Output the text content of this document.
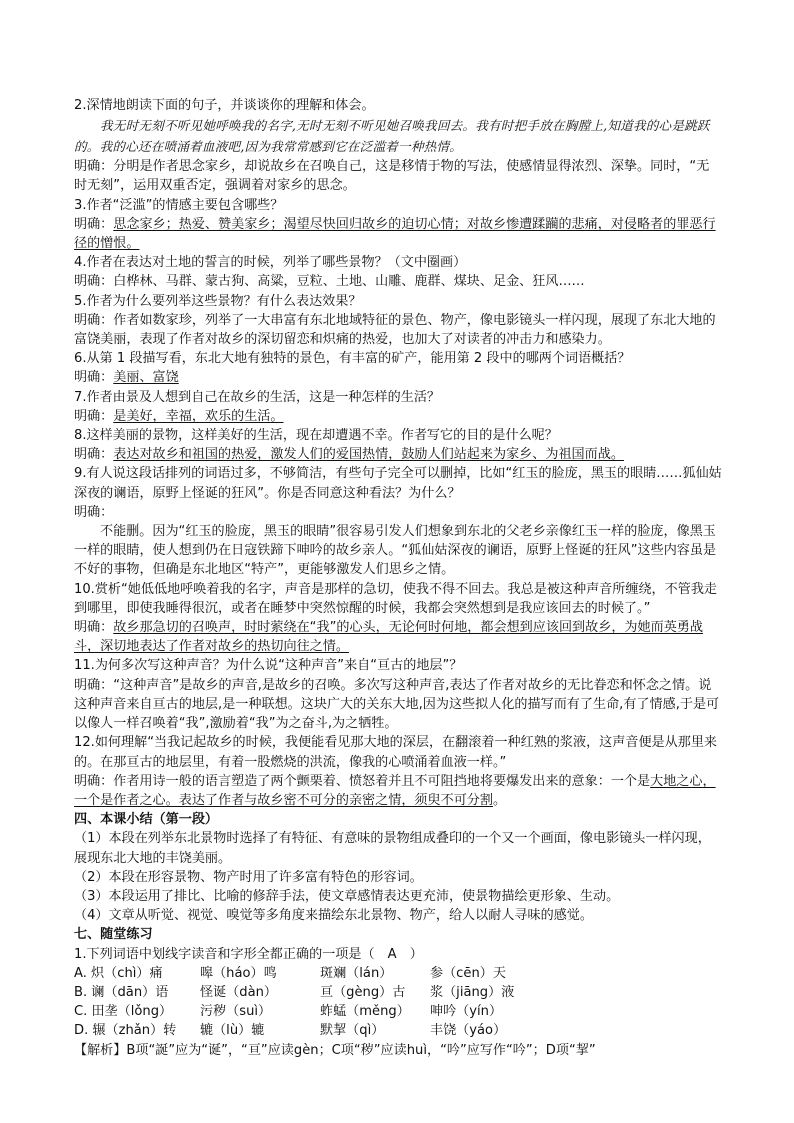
2.深情地朗读下面的句子，并谈谈你的理解和体会。

我无时无刻不听见她呼唤我的名字,无时无刻不听见她召唤我回去。我有时把手放在胸膛上,知道我的心是跳跃的。我的心还在喷涌着血液吧,因为我常常感到它在泛滥着一种热情。

明确：分明是作者思念家乡，却说故乡在召唤自己，这是移情于物的写法，使感情显得浓烈、深挚。同时，“无时无刻”，运用双重否定，强调着对家乡的思念。

3.作者“泛滥”的情感主要包含哪些？

明确：思念家乡；热爱、赞美家乡；渴望尽快回归故乡的迫切心情；对故乡惨遭蹂躏的悲痛，对侵略者的罪恶行径的憎恨。

4.作者在表达对土地的誓言的时候，列举了哪些景物？（文中圈画）

明确：白桦林、马群、蒙古狗、高粱，豆粒、土地、山雕、鹿群、煤块、足金、狂风……

5.作者为什么要列举这些景物？有什么表达效果？

明确：作者如数家珍，列举了一大串富有东北地域特征的景色、物产，像电影镜头一样闪现，展现了东北大地的富饶美丽，表现了作者对故乡的深切留恋和炽痛的热爱，也加大了对读者的冲击力和感染力。

6.从第 1 段描写看，东北大地有独特的景色，有丰富的矿产，能用第 2 段中的哪两个词语概括？

明确：美丽、富饶

7.作者由景及人想到自己在故乡的生活，这是一种怎样的生活？

明确：是美好，幸福，欢乐的生活。

8.这样美丽的景物，这样美好的生活，现在却遭遇不幸。作者写它的目的是什么呢？

明确：表达对故乡和祖国的热爱，激发人们的爱国热情，鼓励人们站起来为家乡、为祖国而战。

9.有人说这段话排列的词语过多，不够简洁，有些句子完全可以删掉，比如“红玉的脸庞，黑玉的眼睛……狐仙姑深夜的谰语，原野上怪诞的狂风”。你是否同意这种看法？为什么？

明确：

不能删。因为“红玉的脸庞，黑玉的眼睛”很容易引发人们想象到东北的父老乡亲像红玉一样的脸庞，像黑玉一样的眼睛，使人想到仍在日寇铁蹄下呻吟的故乡亲人。“狐仙姑深夜的谰语，原野上怪诞的狂风”这些内容虽是不好的事物，但确是东北地区“特产”，更能够激发人们思乡之情。

10.赏析“她低低地呼唤着我的名字，声音是那样的急切，使我不得不回去。我总是被这种声音所缠绕，不管我走到哪里，即使我睡得很沉，或者在睡梦中突然惊醒的时候，我都会突然想到是我应该回去的时候了。”

明确：故乡那急切的召唤声，时时萦绕在“我”的心头，无论何时何地，都会想到应该回到故乡，为她而英勇战斗，深切地表达了作者对故乡的热切向往之情。

11.为何多次写这种声音？为什么说“这种声音”来自“亘古的地层”？

明确：“这种声音”是故乡的声音,是故乡的召唤。多次写这种声音,表达了作者对故乡的无比眷恋和怀念之情。说这种声音来自亘古的地层,是一种联想。这块广大的关东大地,因为这些拟人化的描写而有了生命,有了情感,于是可以像人一样召唤着“我”,激励着“我”为之奋斗,为之牺牲。

12.如何理解“当我记起故乡的时候，我便能看见那大地的深层，在翻滚着一种红熟的浆液，这声音便是从那里来的。在那亘古的地层里，有着一股燃烧的洪流，像我的心喷涌着血液一样。”

明确：作者用诗一般的语言塑造了两个颤栗着、愤怒着并且不可阻挡地将要爆发出来的意象：一个是大地之心，一个是作者之心。表达了作者与故乡密不可分的亲密之情，须臾不可分割。

四、本课小结（第一段）

（1）本段在列举东北景物时选择了有特征、有意味的景物组成叠印的一个又一个画面，像电影镜头一样闪现，展现东北大地的丰饶美丽。

（2）本段在形容景物、物产时用了许多富有特色的形容词。

（3）本段运用了排比、比喻的修辞手法，使文章感情表达更充沛，使景物描绘更形象、生动。

（4）文章从听觉、视觉、嗅觉等多角度来描绘东北景物、物产，给人以耐人寻味的感觉。

七、随堂练习

1.下列词语中划线字读音和字形全都正确的一项是（　A　）

A. 炽（chì）痛	嗥（háo）鸣	斑斓（lán）	参（cēn）天
B. 谰（dān）语	怪诞（dàn）	亘（gèng）古	浆（jiāng）液
C. 田垄（lǒng）	污秽（suì）	蚱蜢（měng）	呻吟（yín）
D. 辗（zhǎn）转	辘（lù）辘	默挈（qì）	丰饶（yáo）

【解析】B项“誕”应为“诞”，“亘”应读gèn；C项“秽”应读huì，“吟”应写作“吟”；D项“挈”
